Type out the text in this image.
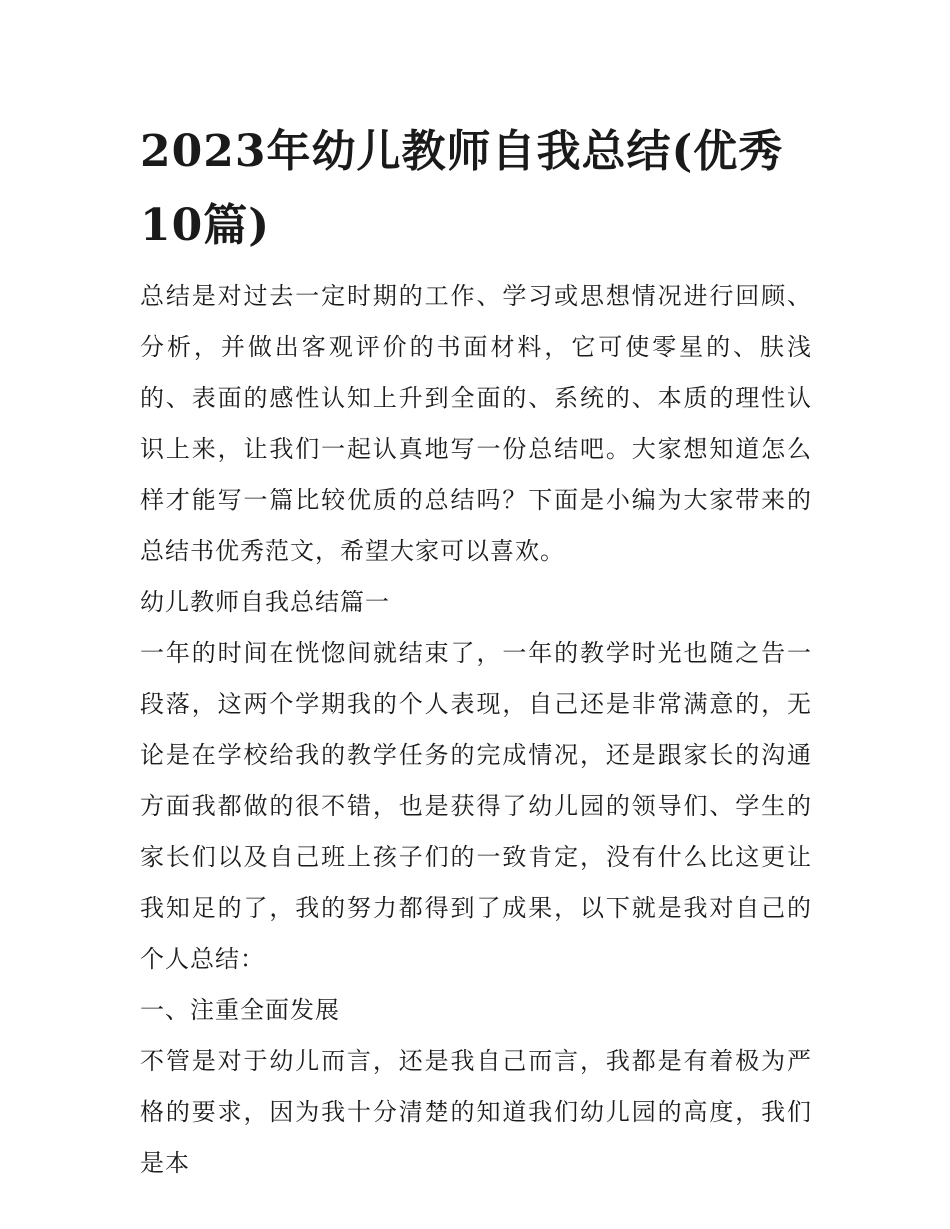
2023年幼儿教师自我总结(优秀10篇)

总结是对过去一定时期的工作、学习或思想情况进行回顾、分析，并做出客观评价的书面材料，它可使零星的、肤浅的、表面的感性认知上升到全面的、系统的、本质的理性认识上来，让我们一起认真地写一份总结吧。大家想知道怎么样才能写一篇比较优质的总结吗？下面是小编为大家带来的总结书优秀范文，希望大家可以喜欢。

幼儿教师自我总结篇一

一年的时间在恍惚间就结束了，一年的教学时光也随之告一段落，这两个学期我的个人表现，自己还是非常满意的，无论是在学校给我的教学任务的完成情况，还是跟家长的沟通方面我都做的很不错，也是获得了幼儿园的领导们、学生的家长们以及自己班上孩子们的一致肯定，没有什么比这更让我知足的了，我的努力都得到了成果，以下就是我对自己的个人总结：

一、注重全面发展

不管是对于幼儿而言，还是我自己而言，我都是有着极为严格的要求，因为我十分清楚的知道我们幼儿园的高度，我们是本
